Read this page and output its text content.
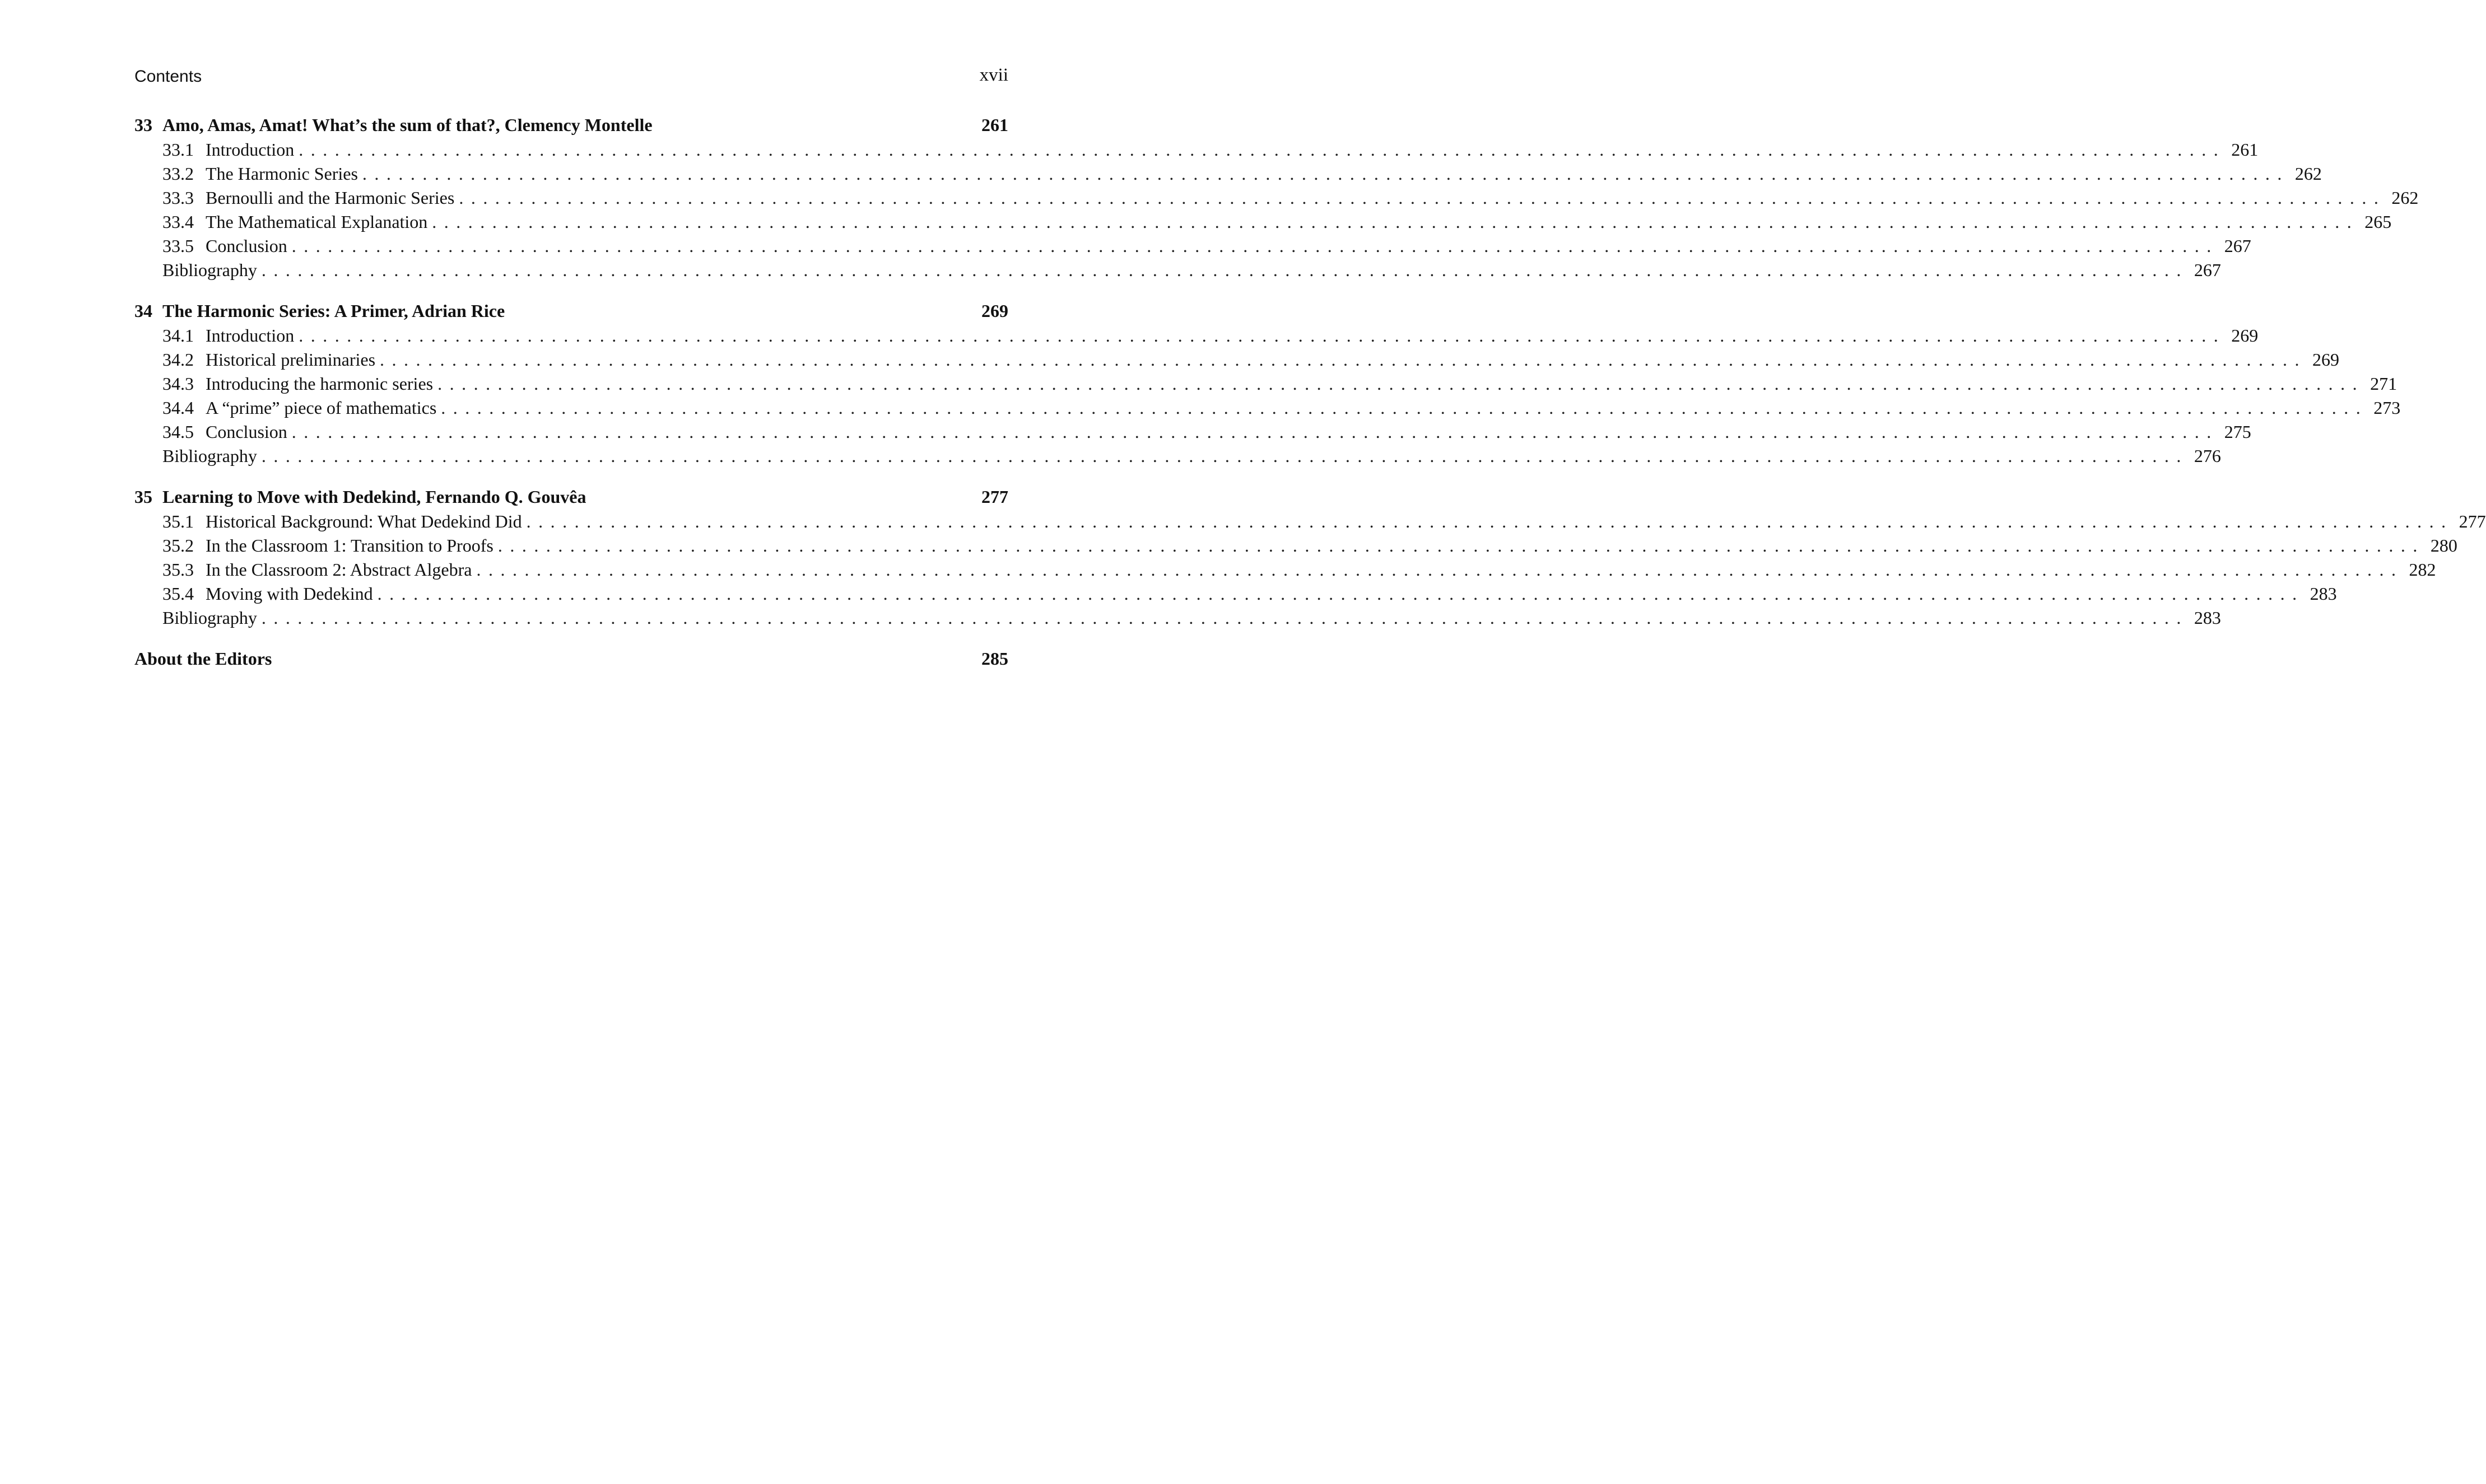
Contents	xvii
33 Amo, Amas, Amat! What’s the sum of that?, Clemency Montelle	261
33.1 Introduction ................................................................................................................................................................ 261
33.2 The Harmonic Series ................................................................................................................................................................ 262
33.3 Bernoulli and the Harmonic Series ................................................................................................................................................................ 262
33.4 The Mathematical Explanation ................................................................................................................................................................ 265
33.5 Conclusion ................................................................................................................................................................ 267
Bibliography ................................................................................................................................................................ 267
34 The Harmonic Series: A Primer, Adrian Rice	269
34.1 Introduction ................................................................................................................................................................ 269
34.2 Historical preliminaries ................................................................................................................................................................ 269
34.3 Introducing the harmonic series ................................................................................................................................................................ 271
34.4 A “prime” piece of mathematics ................................................................................................................................................................ 273
34.5 Conclusion ................................................................................................................................................................ 275
Bibliography ................................................................................................................................................................ 276
35 Learning to Move with Dedekind, Fernando Q. Gouvêa	277
35.1 Historical Background: What Dedekind Did ................................................................................................................................................................ 277
35.2 In the Classroom 1: Transition to Proofs ................................................................................................................................................................ 280
35.3 In the Classroom 2: Abstract Algebra ................................................................................................................................................................ 282
35.4 Moving with Dedekind ................................................................................................................................................................ 283
Bibliography ................................................................................................................................................................ 283
About the Editors	285
